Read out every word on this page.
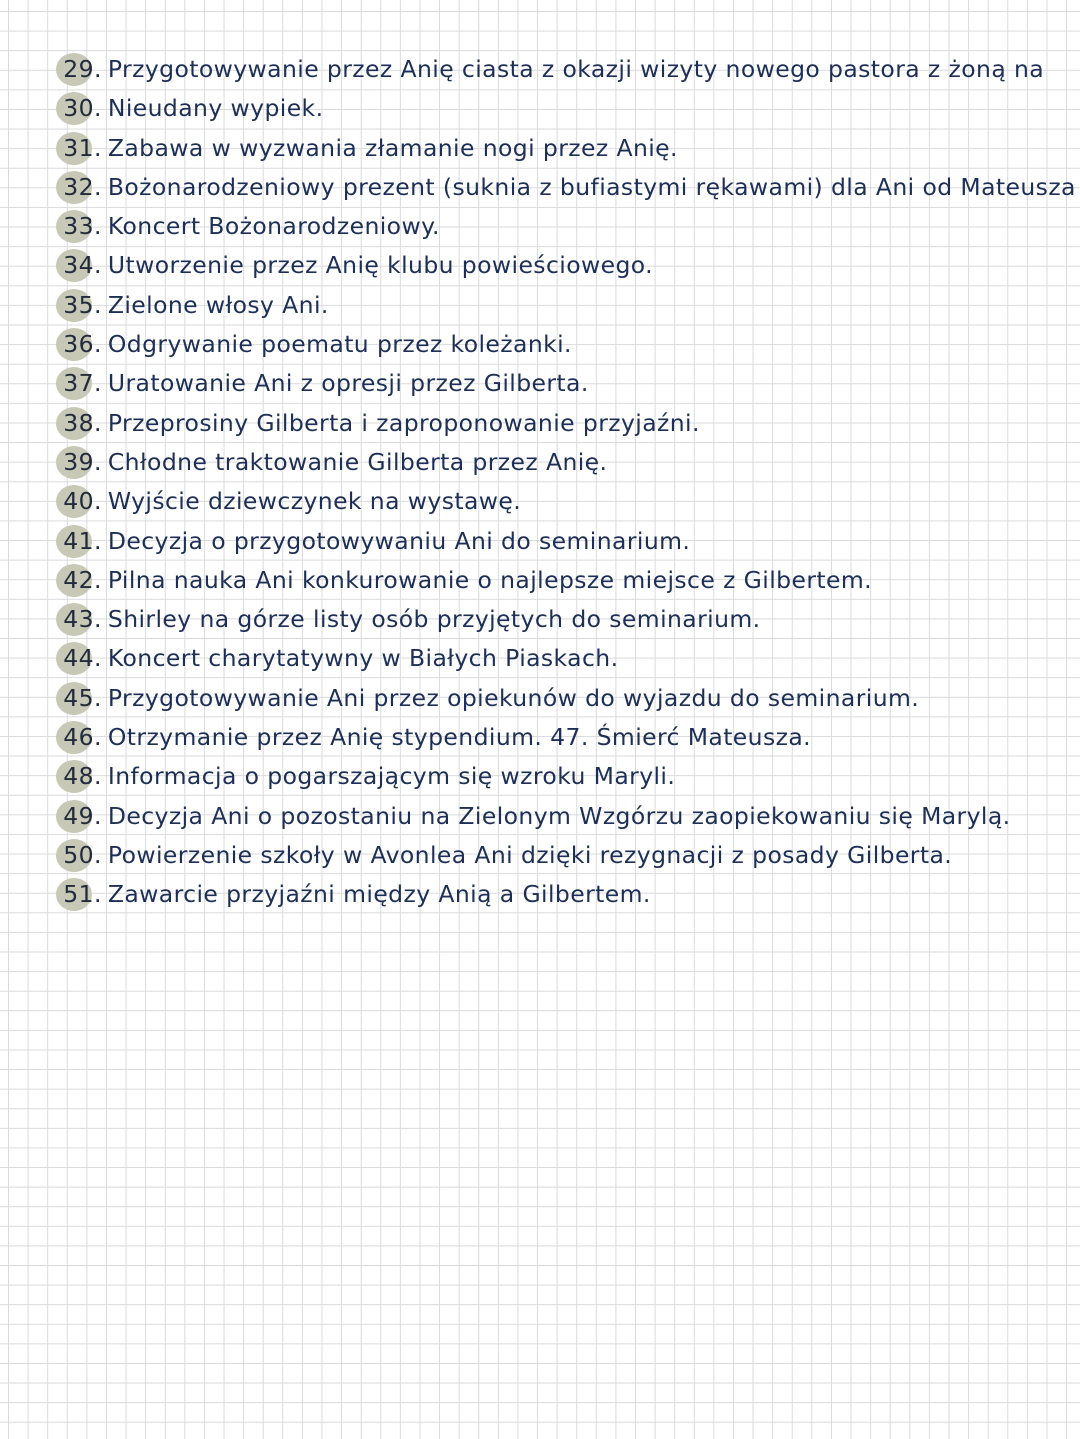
29. Przygotowywanie przez Anię ciasta z okazji wizyty nowego pastora z żoną na
30. Nieudany wypiek.
31. Zabawa w wyzwania złamanie nogi przez Anię.
32. Bożonarodzeniowy prezent (suknia z bufiastymi rękawami) dla Ani od Mateusza
33. Koncert Bożonarodzeniowy.
34. Utworzenie przez Anię klubu powieściowego.
35. Zielone włosy Ani.
36. Odgrywanie poematu przez koleżanki.
37. Uratowanie Ani z opresji przez Gilberta.
38. Przeprosiny Gilberta i zaproponowanie przyjaźni.
39. Chłodne traktowanie Gilberta przez Anię.
40. Wyjście dziewczynek na wystawę.
41. Decyzja o przygotowywaniu Ani do seminarium.
42. Pilna nauka Ani konkurowanie o najlepsze miejsce z Gilbertem.
43. Shirley na górze listy osób przyjętych do seminarium.
44. Koncert charytatywny w Białych Piaskach.
45. Przygotowywanie Ani przez opiekunów do wyjazdu do seminarium.
46. Otrzymanie przez Anię stypendium. 47. Śmierć Mateusza.
48. Informacja o pogarszającym się wzroku Maryli.
49. Decyzja Ani o pozostaniu na Zielonym Wzgórzu zaopiekowaniu się Marylą.
50. Powierzenie szkoły w Avonlea Ani dzięki rezygnacji z posady Gilberta.
51. Zawarcie przyjaźni między Anią a Gilbertem.
